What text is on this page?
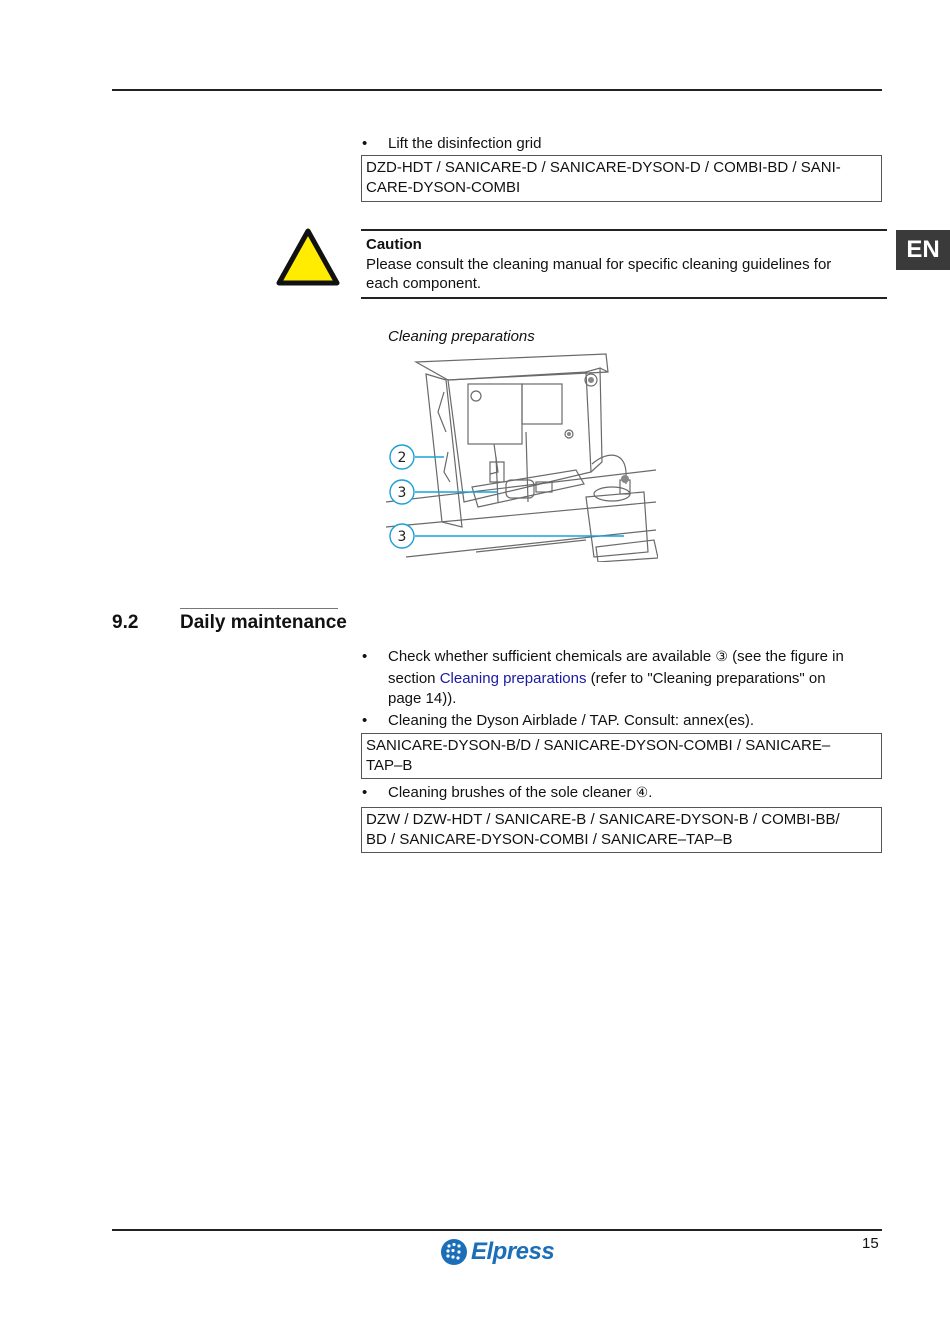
EN
• Lift the disinfection grid
DZD-HDT / SANICARE-D / SANICARE-DYSON-D / COMBI-BD / SANI-
CARE-DYSON-COMBI
Caution
Please consult the cleaning manual for specific cleaning guidelines for
each component.
Cleaning preparations
2
3
3
9.2 Daily maintenance
• Check whether sufficient chemicals are available ③ (see the figure in
section Cleaning preparations (refer to "Cleaning preparations" on
page 14)).
• Cleaning the Dyson Airblade / TAP. Consult: annex(es).
SANICARE-DYSON-B/D / SANICARE-DYSON-COMBI / SANICARE–
TAP–B
• Cleaning brushes of the sole cleaner ④.
DZW / DZW-HDT / SANICARE-B / SANICARE-DYSON-B / COMBI-BB/
BD / SANICARE-DYSON-COMBI / SANICARE–TAP–B
15
Elpress
